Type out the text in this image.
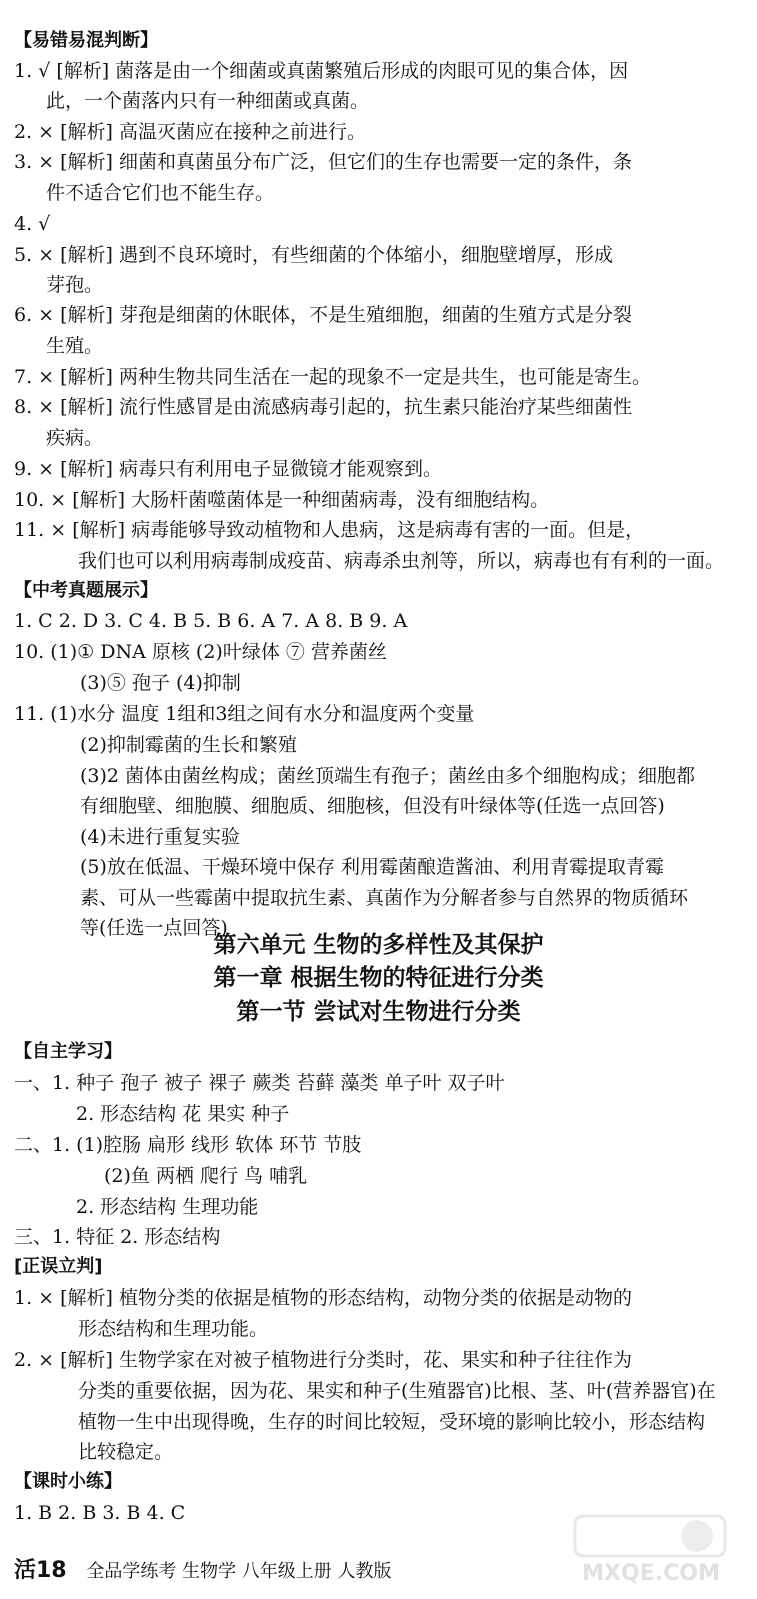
【易错易混判断】
1. √ [解析] 菌落是由一个细菌或真菌繁殖后形成的肉眼可见的集合体，因
此，一个菌落内只有一种细菌或真菌。
2. × [解析] 高温灭菌应在接种之前进行。
3. × [解析] 细菌和真菌虽分布广泛，但它们的生存也需要一定的条件，条
件不适合它们也不能生存。
4. √
5. × [解析] 遇到不良环境时，有些细菌的个体缩小，细胞壁增厚，形成
芽孢。
6. × [解析] 芽孢是细菌的休眠体，不是生殖细胞，细菌的生殖方式是分裂
生殖。
7. × [解析] 两种生物共同生活在一起的现象不一定是共生，也可能是寄生。
8. × [解析] 流行性感冒是由流感病毒引起的，抗生素只能治疗某些细菌性
疾病。
9. × [解析] 病毒只有利用电子显微镜才能观察到。
10. × [解析] 大肠杆菌噬菌体是一种细菌病毒，没有细胞结构。
11. × [解析] 病毒能够导致动植物和人患病，这是病毒有害的一面。但是，
我们也可以利用病毒制成疫苗、病毒杀虫剂等，所以，病毒也有有利的一面。
【中考真题展示】
1. C 2. D 3. C 4. B 5. B 6. A 7. A 8. B 9. A
10. (1)① DNA 原核 (2)叶绿体 ⑦ 营养菌丝
(3)⑤ 孢子 (4)抑制
11. (1)水分 温度 1组和3组之间有水分和温度两个变量
(2)抑制霉菌的生长和繁殖
(3)2 菌体由菌丝构成；菌丝顶端生有孢子；菌丝由多个细胞构成；细胞都
有细胞壁、细胞膜、细胞质、细胞核，但没有叶绿体等(任选一点回答)
(4)未进行重复实验
(5)放在低温、干燥环境中保存 利用霉菌酿造酱油、利用青霉提取青霉
素、可从一些霉菌中提取抗生素、真菌作为分解者参与自然界的物质循环
等(任选一点回答)
第六单元 生物的多样性及其保护
第一章 根据生物的特征进行分类
第一节 尝试对生物进行分类
【自主学习】
一、1. 种子 孢子 被子 裸子 蕨类 苔藓 藻类 单子叶 双子叶
2. 形态结构 花 果实 种子
二、1. (1)腔肠 扁形 线形 软体 环节 节肢
(2)鱼 两栖 爬行 鸟 哺乳
2. 形态结构 生理功能
三、1. 特征 2. 形态结构
[正误立判]
1. × [解析] 植物分类的依据是植物的形态结构，动物分类的依据是动物的
形态结构和生理功能。
2. × [解析] 生物学家在对被子植物进行分类时，花、果实和种子往往作为
分类的重要依据，因为花、果实和种子(生殖器官)比根、茎、叶(营养器官)在
植物一生中出现得晚，生存的时间比较短，受环境的影响比较小，形态结构
比较稳定。
【课时小练】
1. B 2. B 3. B 4. C
活18 全品学练考 生物学 八年级上册 人教版	MXQE.COM
